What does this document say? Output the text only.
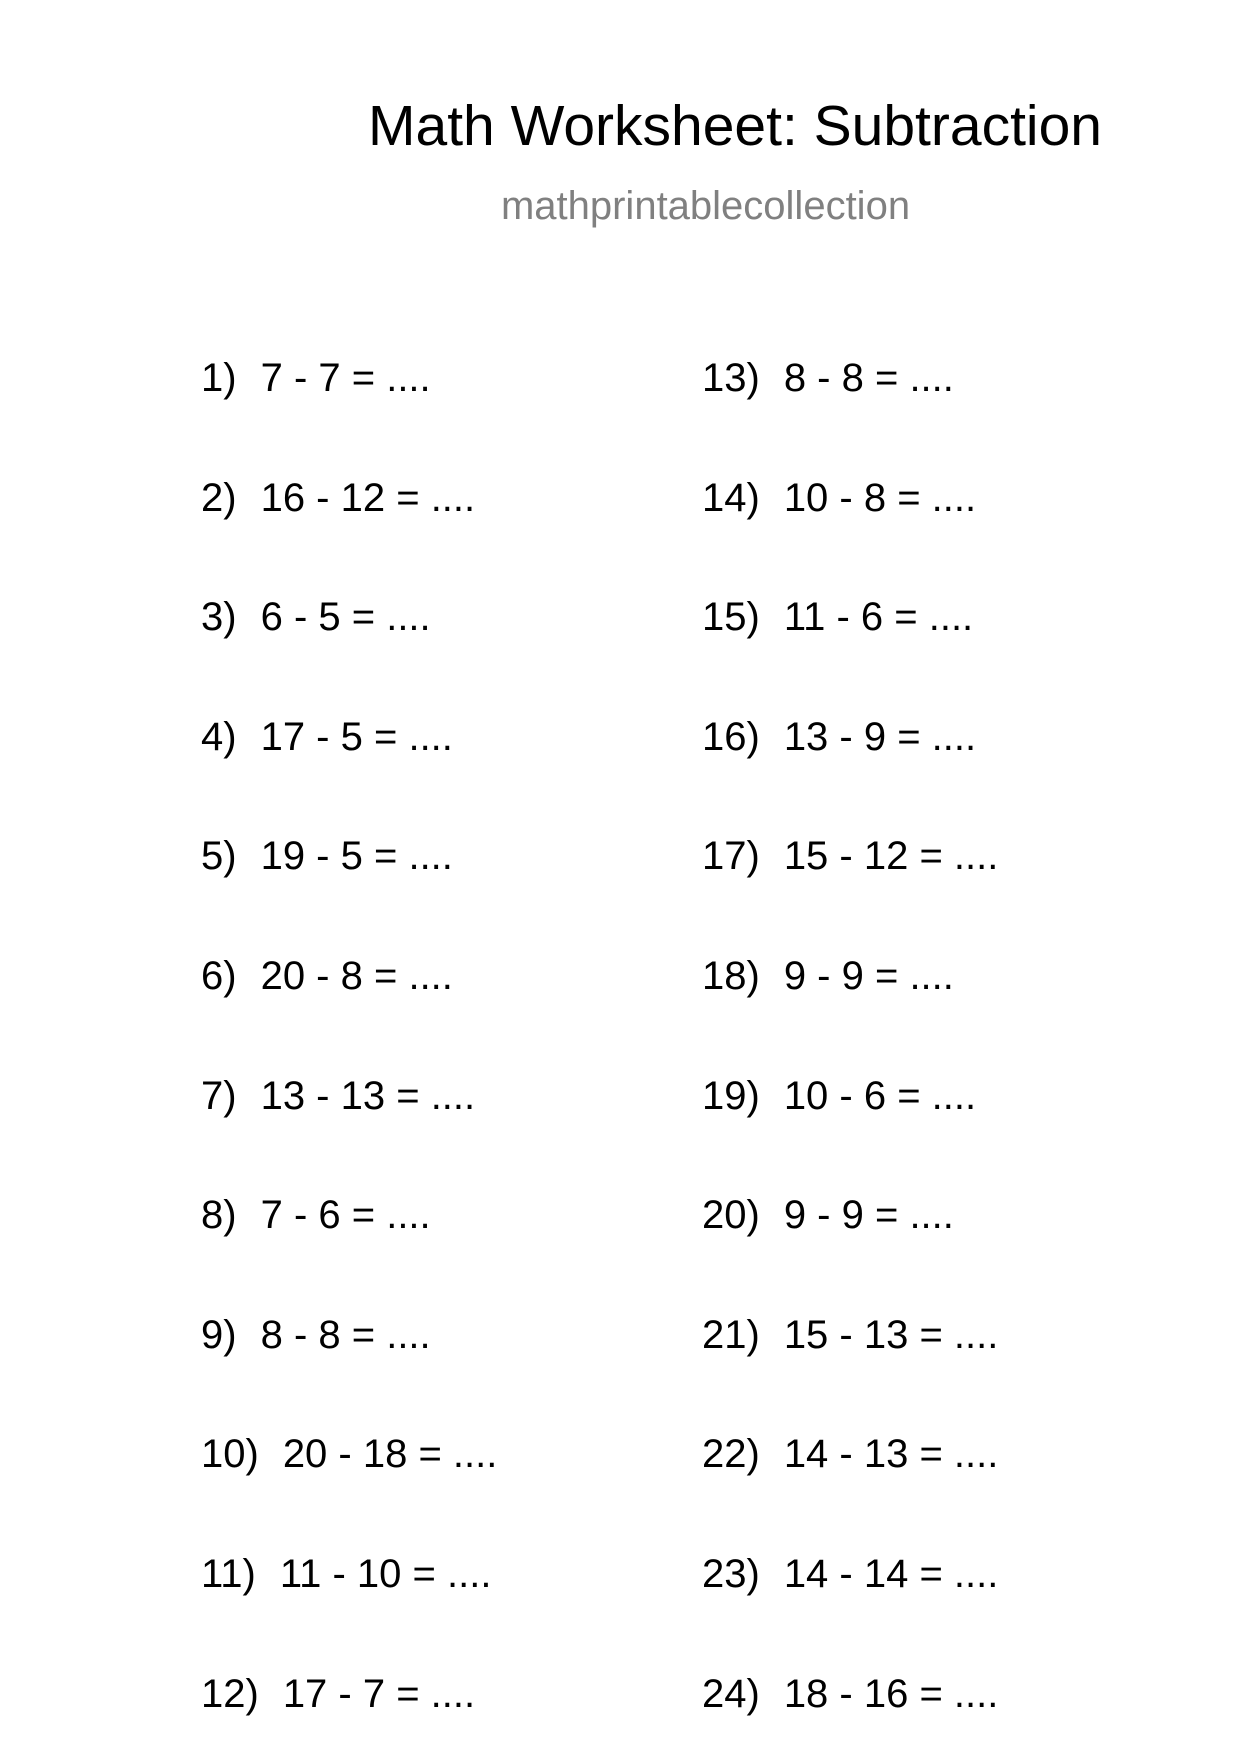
Math Worksheet: Subtraction
mathprintablecollection
1) 7 - 7 = ....
2) 16 - 12 = ....
3) 6 - 5 = ....
4) 17 - 5 = ....
5) 19 - 5 = ....
6) 20 - 8 = ....
7) 13 - 13 = ....
8) 7 - 6 = ....
9) 8 - 8 = ....
10) 20 - 18 = ....
11) 11 - 10 = ....
12) 17 - 7 = ....
13) 8 - 8 = ....
14) 10 - 8 = ....
15) 11 - 6 = ....
16) 13 - 9 = ....
17) 15 - 12 = ....
18) 9 - 9 = ....
19) 10 - 6 = ....
20) 9 - 9 = ....
21) 15 - 13 = ....
22) 14 - 13 = ....
23) 14 - 14 = ....
24) 18 - 16 = ....
